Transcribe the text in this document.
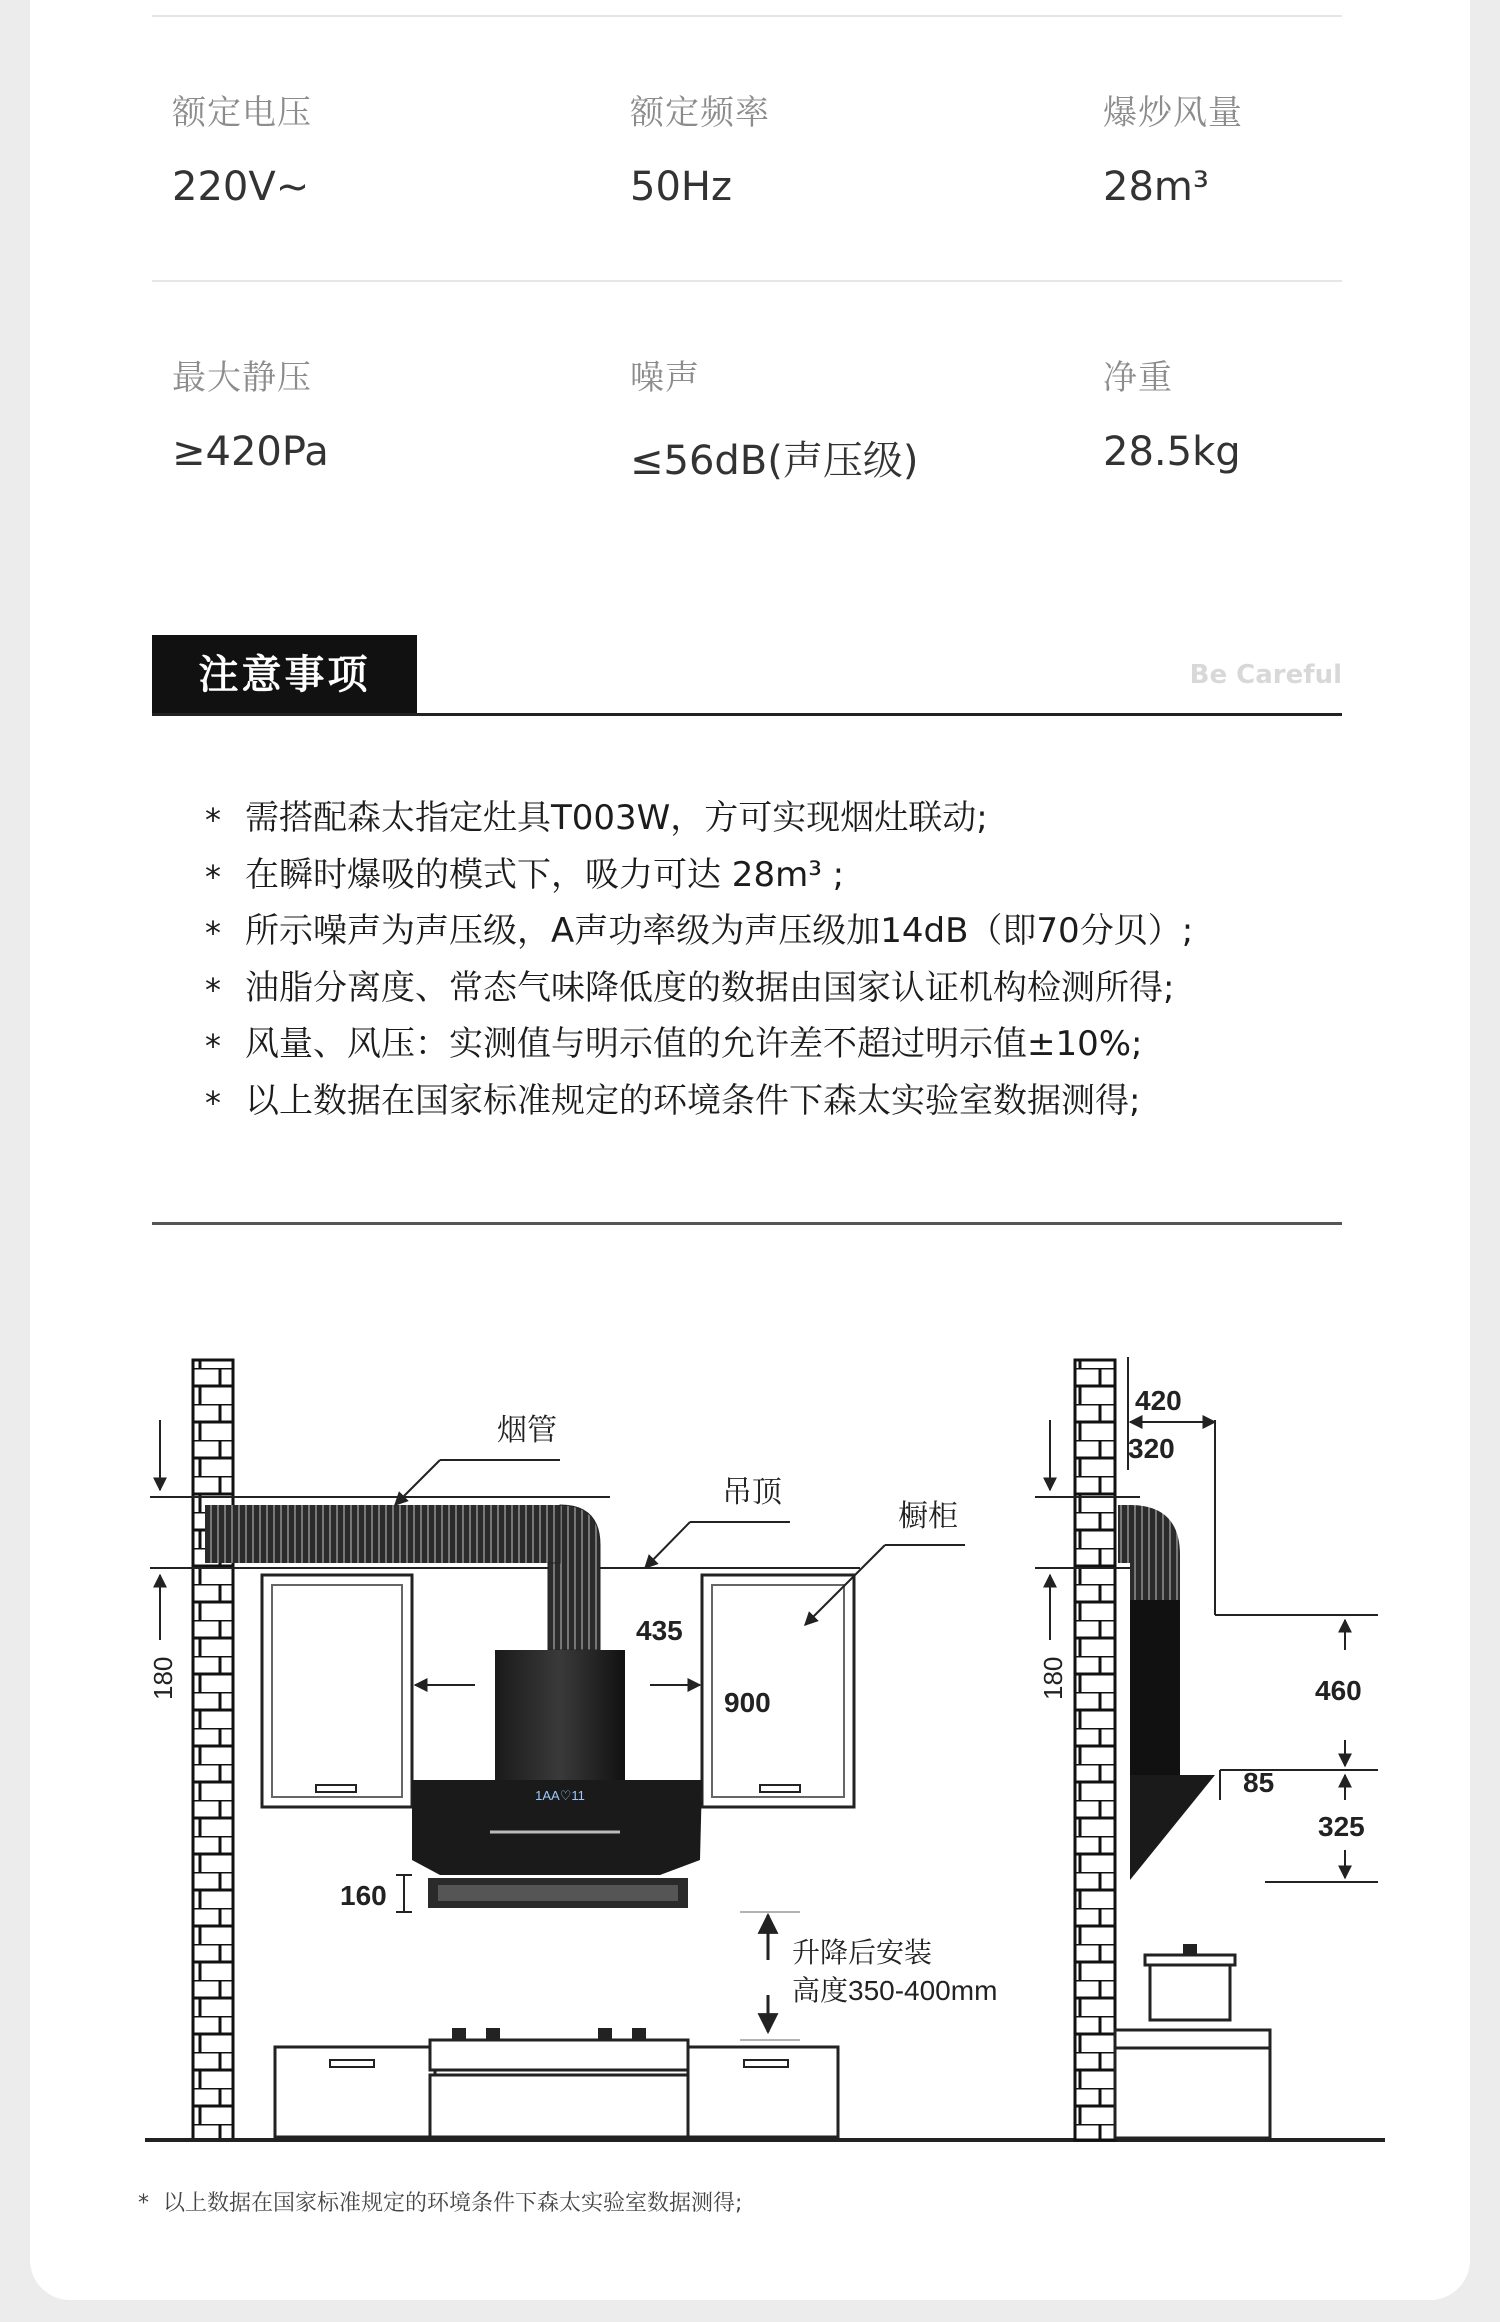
额定电压
220V~
额定频率
50Hz
爆炒风量
28m³
最大静压
≥420Pa
噪声
≤56dB(声压级)
净重
28.5kg
注意事项	Be Careful
* 需搭配森太指定灶具T003W，方可实现烟灶联动;
* 在瞬时爆吸的模式下，吸力可达 28m³ ;
* 所示噪声为声压级，A声功率级为声压级加14dB（即70分贝）;
* 油脂分离度、常态气味降低度的数据由国家认证机构检测所得;
* 风量、风压：实测值与明示值的允许差不超过明示值±10%;
* 以上数据在国家标准规定的环境条件下森太实验室数据测得;
180
1AA♡11
435
900
160
升降后安装
高度350-400mm
烟管
吊顶
橱柜
180
420
320
460
85
325
*  以上数据在国家标准规定的环境条件下森太实验室数据测得;
